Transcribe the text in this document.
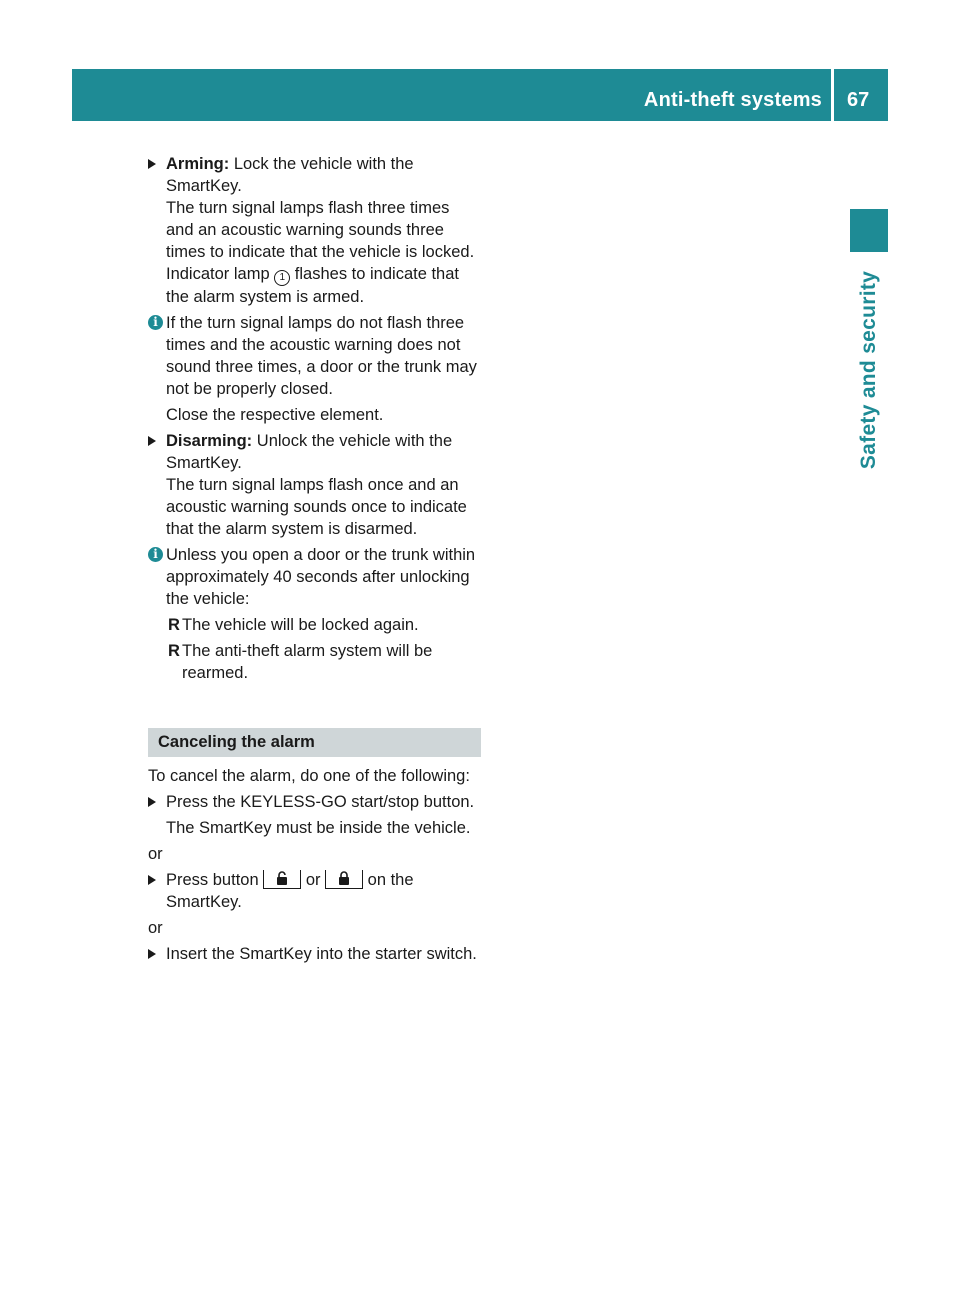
Anti-theft systems 67
Safety and security
Arming: Lock the vehicle with the SmartKey.
The turn signal lamps flash three times and an acoustic warning sounds three times to indicate that the vehicle is locked. Indicator lamp 1 flashes to indicate that the alarm system is armed.
i If the turn signal lamps do not flash three times and the acoustic warning does not sound three times, a door or the trunk may not be properly closed.
Close the respective element.
Disarming: Unlock the vehicle with the SmartKey.
The turn signal lamps flash once and an acoustic warning sounds once to indicate that the alarm system is disarmed.
i Unless you open a door or the trunk within approximately 40 seconds after unlocking the vehicle:
R The vehicle will be locked again.
R The anti-theft alarm system will be rearmed.
Canceling the alarm
To cancel the alarm, do one of the following:
Press the KEYLESS-GO start/stop button.
The SmartKey must be inside the vehicle.
or
Press button
or
on the SmartKey.
or
Insert the SmartKey into the starter switch.
